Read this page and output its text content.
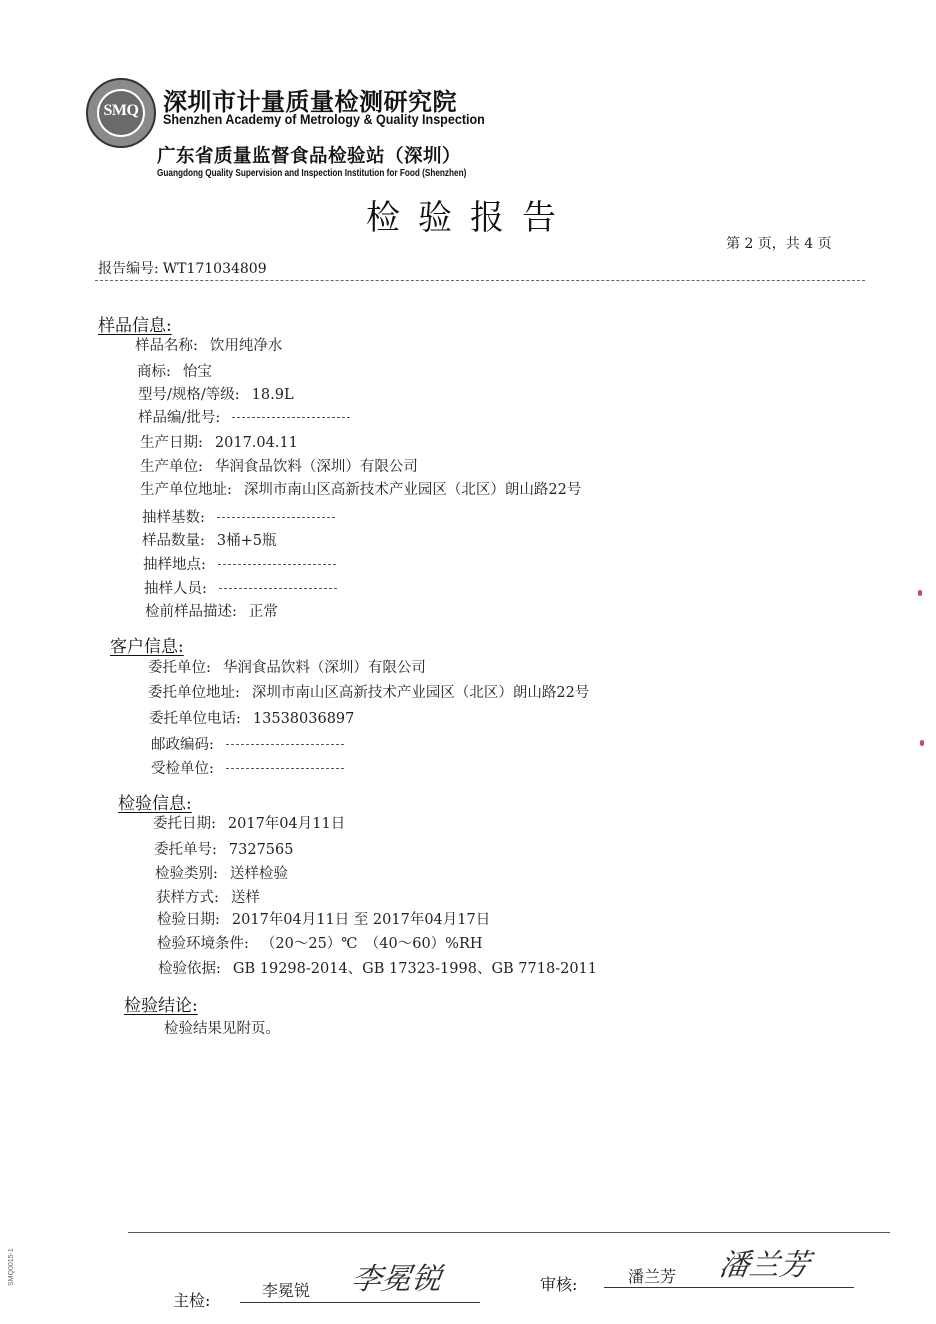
SMQ	深圳市计量质量检测研究院
Shenzhen Academy of Metrology & Quality Inspection
广东省质量监督食品检验站（深圳）
Guangdong Quality Supervision and Inspection Institution for Food (Shenzhen)
检验报告
第 2 页，共 4 页
报告编号: WT171034809
样品信息:
样品名称: 饮用纯净水
商标: 怡宝
型号/规格/等级: 18.9L
样品编/批号:
生产日期: 2017.04.11
生产单位: 华润食品饮料（深圳）有限公司
生产单位地址: 深圳市南山区高新技术产业园区（北区）朗山路22号
抽样基数:
样品数量: 3桶+5瓶
抽样地点:
抽样人员:
检前样品描述: 正常
客户信息:
委托单位: 华润食品饮料（深圳）有限公司
委托单位地址: 深圳市南山区高新技术产业园区（北区）朗山路22号
委托单位电话: 13538036897
邮政编码:
受检单位:
检验信息:
委托日期: 2017年04月11日
委托单号: 7327565
检验类别: 送样检验
获样方式: 送样
检验日期: 2017年04月11日 至 2017年04月17日
检验环境条件: （20～25）℃　（40～60）%RH
检验依据: GB 19298-2014、GB 17323-1998、GB 7718-2011
检验结论:
检验结果见附页。
主检:
李冕锐 李冕锐	审核:	潘兰芳 潘兰芳
SMQ0015-1
